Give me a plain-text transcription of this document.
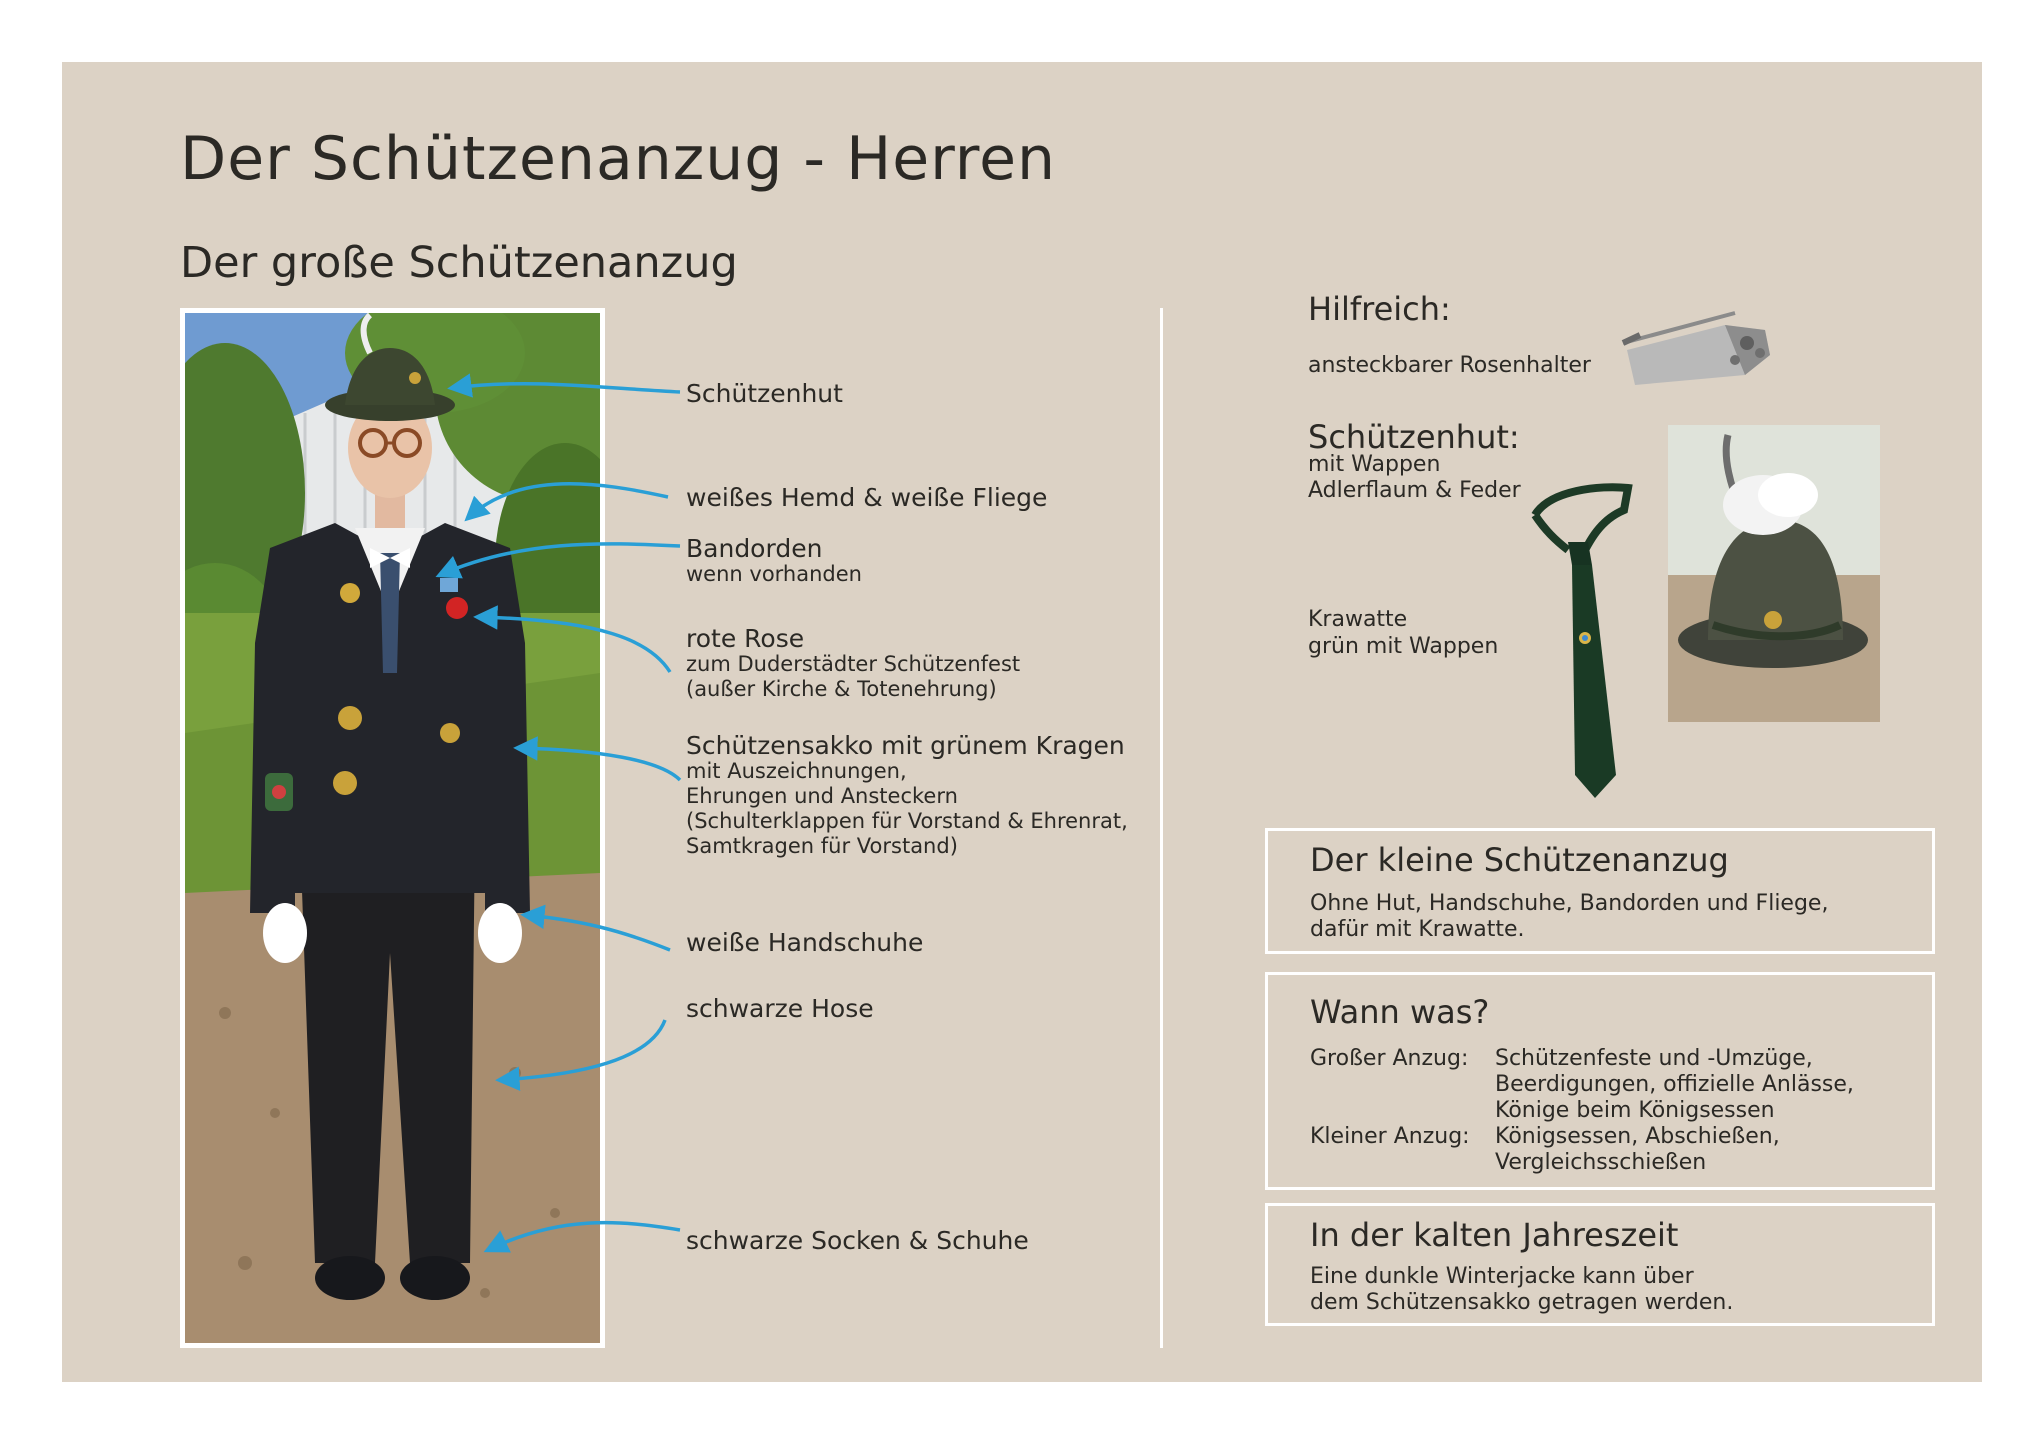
Der Schützenanzug - Herren
Der große Schützenanzug
Schützenhut
weißes Hemd & weiße Fliege
Bandorden
wenn vorhanden
rote Rose
zum Duderstädter Schützenfest
(außer Kirche & Totenehrung)
Schützensakko mit grünem Kragen
mit Auszeichnungen,
Ehrungen und Ansteckern
(Schulterklappen für Vorstand & Ehrenrat,
Samtkragen für Vorstand)
weiße Handschuhe
schwarze Hose
schwarze Socken & Schuhe
Hilfreich:
ansteckbarer Rosenhalter
Schützenhut:
mit Wappen
Adlerflaum & Feder
Krawatte
grün mit Wappen
Der kleine Schützenanzug
Ohne Hut, Handschuhe, Bandorden und Fliege,
dafür mit Krawatte.
Wann was?
Großer Anzug: Schützenfeste und -Umzüge,
Beerdigungen, offizielle Anlässe,
Könige beim Königsessen
Kleiner Anzug: Königsessen, Abschießen,
Vergleichsschießen
In der kalten Jahreszeit
Eine dunkle Winterjacke kann über
dem Schützensakko getragen werden.
